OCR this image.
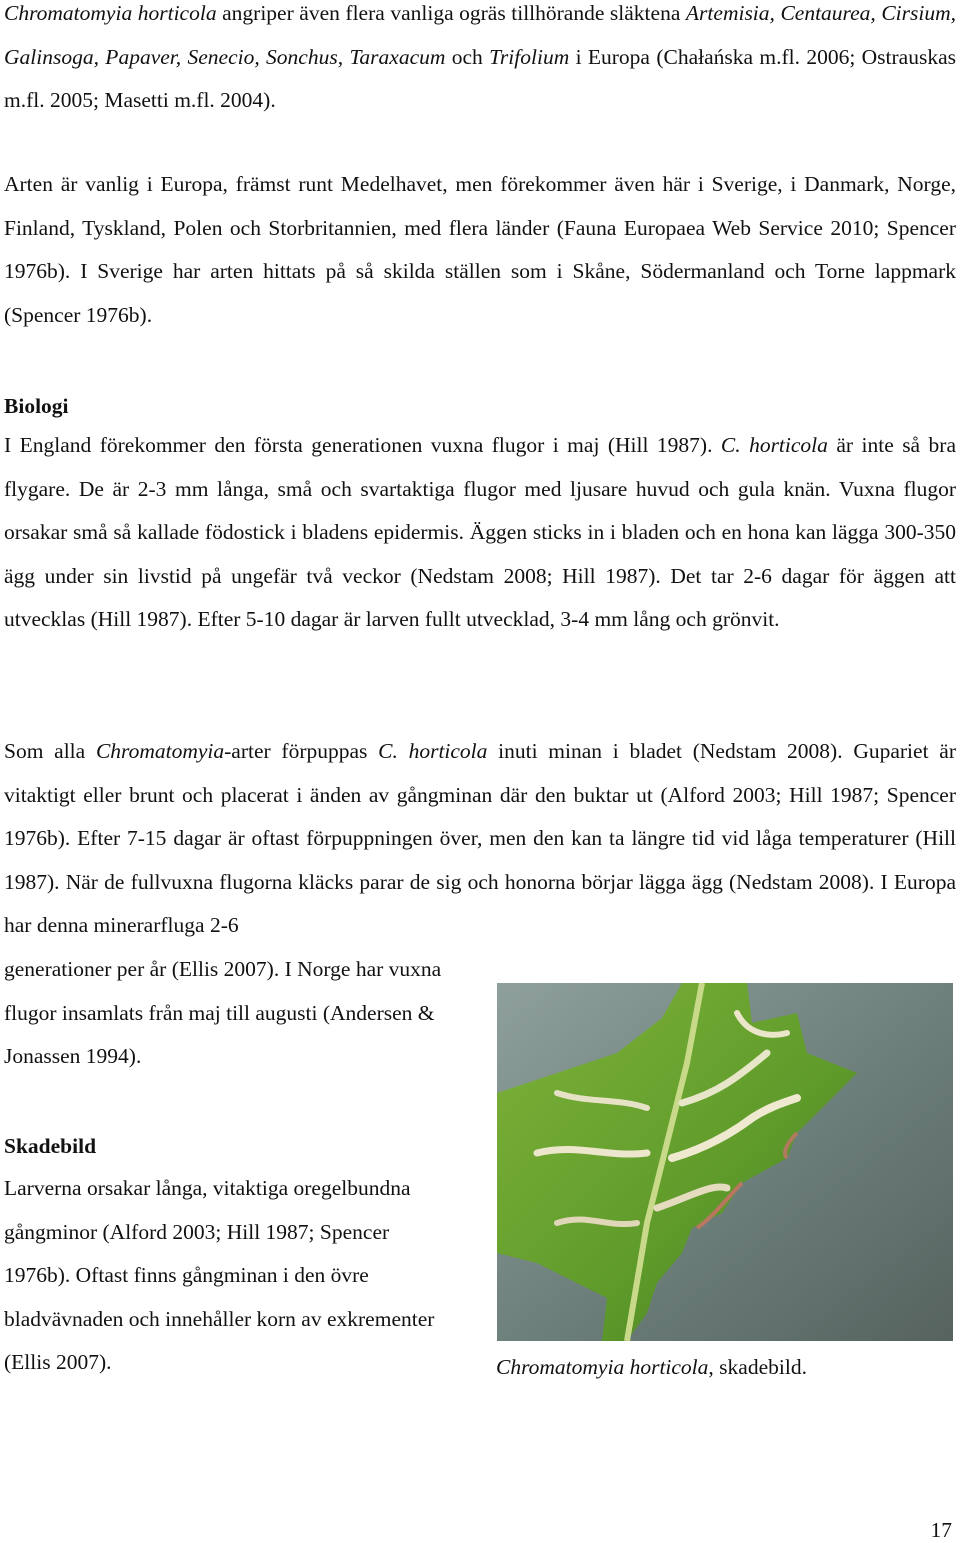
Chromatomyia horticola angriper även flera vanliga ogräs tillhörande släktena Artemisia, Centaurea, Cirsium, Galinsoga, Papaver, Senecio, Sonchus, Taraxacum och Trifolium i Europa (Chałańska m.fl. 2006; Ostrauskas m.fl. 2005; Masetti m.fl. 2004).

Arten är vanlig i Europa, främst runt Medelhavet, men förekommer även här i Sverige, i Danmark, Norge, Finland, Tyskland, Polen och Storbritannien, med flera länder (Fauna Europaea Web Service 2010; Spencer 1976b). I Sverige har arten hittats på så skilda ställen som i Skåne, Södermanland och Torne lappmark (Spencer 1976b).

Biologi

I England förekommer den första generationen vuxna flugor i maj (Hill 1987). C. horticola är inte så bra flygare. De är 2-3 mm långa, små och svartaktiga flugor med ljusare huvud och gula knän. Vuxna flugor orsakar små så kallade födostick i bladens epidermis. Äggen sticks in i bladen och en hona kan lägga 300-350 ägg under sin livstid på ungefär två veckor (Nedstam 2008; Hill 1987). Det tar 2-6 dagar för äggen att utvecklas (Hill 1987). Efter 5-10 dagar är larven fullt utvecklad, 3-4 mm lång och grönvit.

Som alla Chromatomyia-arter förpuppas C. horticola inuti minan i bladet (Nedstam 2008). Gupariet är vitaktigt eller brunt och placerat i änden av gångminan där den buktar ut (Alford 2003; Hill 1987; Spencer 1976b). Efter 7-15 dagar är oftast förpuppningen över, men den kan ta längre tid vid låga temperaturer (Hill 1987). När de fullvuxna flugorna kläcks parar de sig och honorna börjar lägga ägg (Nedstam 2008). I Europa har denna minerarfluga 2-6

generationer per år (Ellis 2007). I Norge har vuxna flugor insamlats från maj till augusti (Andersen & Jonassen 1994).

Skadebild

Larverna orsakar långa, vitaktiga oregelbundna gångminor (Alford 2003; Hill 1987; Spencer 1976b). Oftast finns gångminan i den övre bladvävnaden och innehåller korn av exkrementer (Ellis 2007).	Chromatomyia horticola, skadebild.
17
